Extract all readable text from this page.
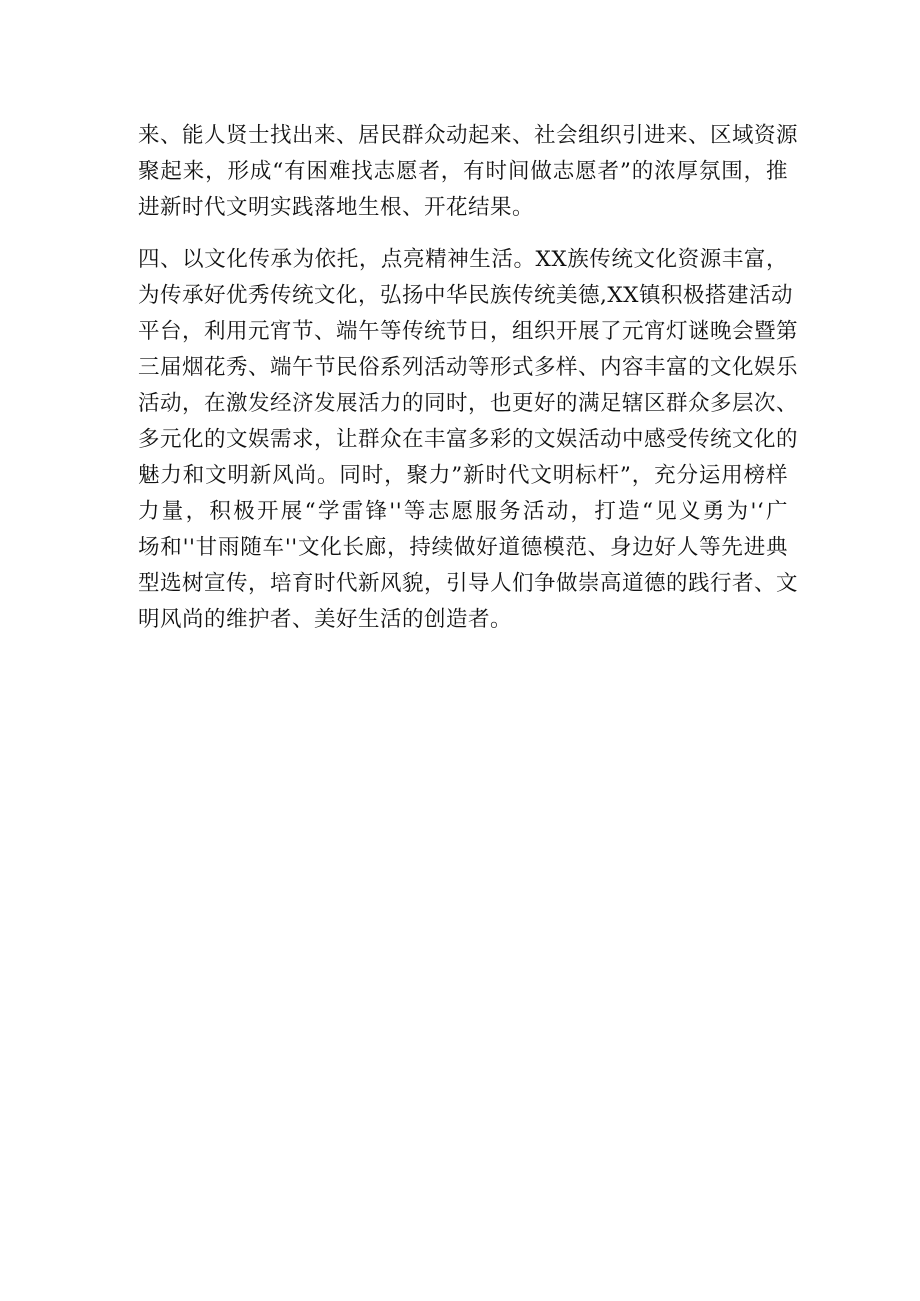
来、能人贤士找出来、居民群众动起来、社会组织引进来、区域资源
聚起来，形成“有困难找志愿者，有时间做志愿者”的浓厚氛围，推
进新时代文明实践落地生根、开花结果。
四、以文化传承为依托，点亮精神生活。XX族传统文化资源丰富，
为传承好优秀传统文化，弘扬中华民族传统美德,XX镇积极搭建活动
平台，利用元宵节、端午等传统节日，组织开展了元宵灯谜晚会暨第
三届烟花秀、端午节民俗系列活动等形式多样、内容丰富的文化娱乐
活动，在激发经济发展活力的同时，也更好的满足辖区群众多层次、
多元化的文娱需求，让群众在丰富多彩的文娱活动中感受传统文化的
魅力和文明新风尚。同时，聚力”新时代文明标杆”，充分运用榜样
力量，积极开展“学雷锋''等志愿服务活动，打造“见义勇为'‘广
场和''甘雨随车''文化长廊，持续做好道德模范、身边好人等先进典
型选树宣传，培育时代新风貌，引导人们争做崇高道德的践行者、文
明风尚的维护者、美好生活的创造者。
